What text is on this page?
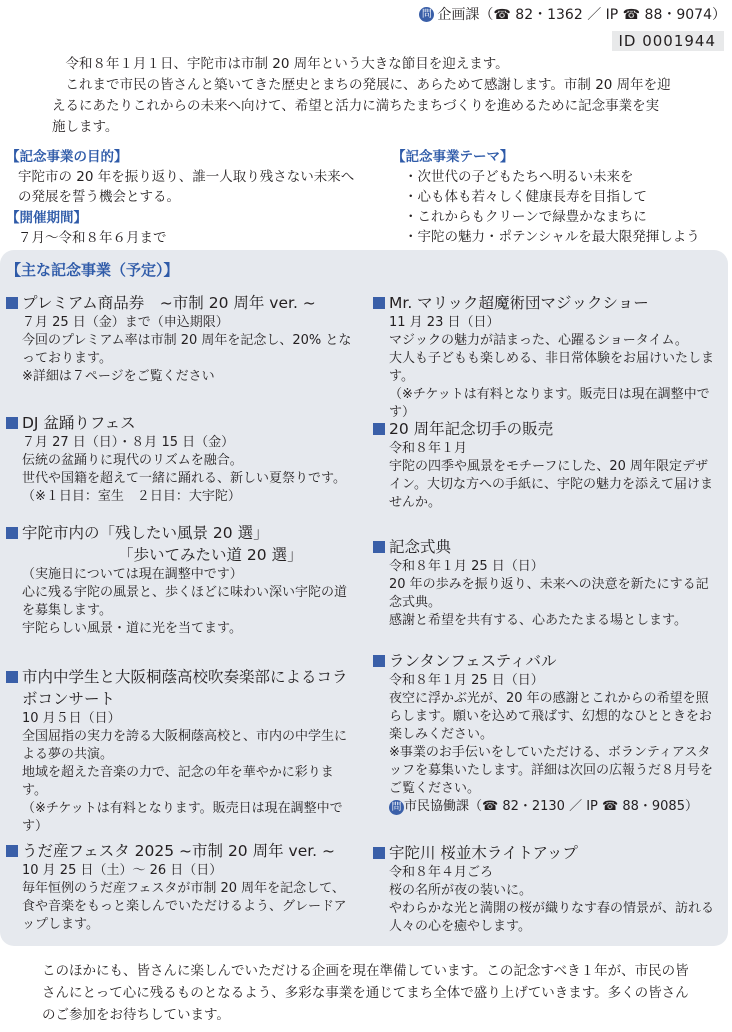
問 企画課（☎ 82・1362 ／ IP ☎ 88・9074）
ID 0001944

令和８年１月１日、宇陀市は市制 20 周年という大きな節目を迎えます。

これまで市民の皆さんと築いてきた歴史とまちの発展に、あらためて感謝します。市制 20 周年を迎えるにあたりこれからの未来へ向けて、希望と活力に満ちたまちづくりを進めるために記念事業を実施します。

【記念事業の目的】
宇陀市の 20 年を振り返り、誰一人取り残さない未来への発展を誓う機会とする。
【開催期間】
７月〜令和８年６月まで
【記念事業テーマ】
・次世代の子どもたちへ明るい未来を
・心も体も若々しく健康長寿を目指して
・これからもクリーンで緑豊かなまちに
・宇陀の魅力・ポテンシャルを最大限発揮しよう
【主な記念事業（予定）】
プレミアム商品券　~市制 20 周年 ver. ~
７月 25 日（金）まで（申込期限）
今回のプレミアム率は市制 20 周年を記念し、20% となっております。
※詳細は７ページをご覧ください
DJ 盆踊りフェス
７月 27 日（日）・８月 15 日（金）
伝統の盆踊りに現代のリズムを融合。
世代や国籍を超えて一緒に踊れる、新しい夏祭りです。
（※１日目：室生　２日目：大宇陀）
宇陀市内の「残したい風景 20 選」
「歩いてみたい道 20 選」
（実施日については現在調整中です）
心に残る宇陀の風景と、歩くほどに味わい深い宇陀の道を募集します。
宇陀らしい風景・道に光を当てます。
市内中学生と大阪桐蔭高校吹奏楽部によるコラボコンサート
10 月５日（日）
全国屈指の実力を誇る大阪桐蔭高校と、市内の中学生による夢の共演。
地域を超えた音楽の力で、記念の年を華やかに彩ります。
（※チケットは有料となります。販売日は現在調整中です）
うだ産フェスタ 2025 ~市制 20 周年 ver. ~
10 月 25 日（土）〜 26 日（日）
毎年恒例のうだ産フェスタが市制 20 周年を記念して、食や音楽をもっと楽しんでいただけるよう、グレードアップします。
Mr. マリック超魔術団マジックショー
11 月 23 日（日）
マジックの魅力が詰まった、心躍るショータイム。
大人も子どもも楽しめる、非日常体験をお届けいたします。
（※チケットは有料となります。販売日は現在調整中です）
20 周年記念切手の販売
令和８年１月
宇陀の四季や風景をモチーフにした、20 周年限定デザイン。大切な方への手紙に、宇陀の魅力を添えて届けませんか。
記念式典
令和８年１月 25 日（日）
20 年の歩みを振り返り、未来への決意を新たにする記念式典。
感謝と希望を共有する、心あたたまる場とします。
ランタンフェスティバル
令和８年１月 25 日（日）
夜空に浮かぶ光が、20 年の感謝とこれからの希望を照らします。願いを込めて飛ばす、幻想的なひとときをお楽しみください。
※事業のお手伝いをしていただける、ボランティアスタッフを募集いたします。詳細は次回の広報うだ８月号をご覧ください。
問 市民協働課（☎ 82・2130 ／ IP ☎ 88・9085）
宇陀川 桜並木ライトアップ
令和８年４月ごろ
桜の名所が夜の装いに。
やわらかな光と満開の桜が織りなす春の情景が、訪れる人々の心を癒やします。

このほかにも、皆さんに楽しんでいただける企画を現在準備しています。この記念すべき１年が、市民の皆さんにとって心に残るものとなるよう、多彩な事業を通じてまち全体で盛り上げていきます。多くの皆さんのご参加をお待ちしています。
